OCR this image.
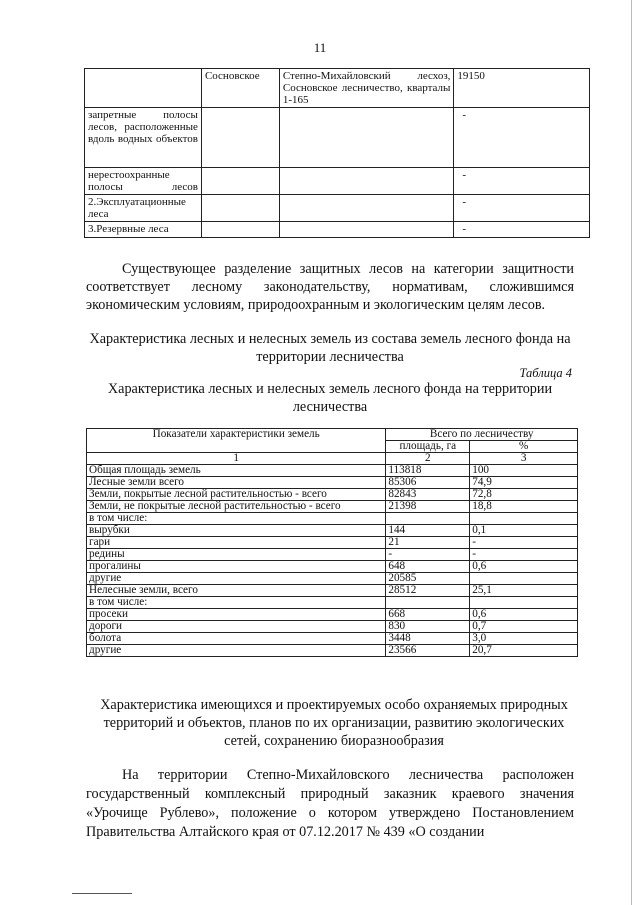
11
	Сосновское	Степно-Михайловский лесхоз, Сосновское лесничество, кварталы 1-165	19150
запретные полосы лесов, расположенные вдоль водных объектов			-
нерестоохранные полосы лесов			-
2.Эксплуатационные леса			-
3.Резервные леса			-
Существующее разделение защитных лесов на категории защитности соответствует лесному законодательству, нормативам, сложившимся экономическим условиям, природоохранным и экологическим целям лесов.
Характеристика лесных и нелесных земель из состава земель лесного фонда на территории лесничества
Таблица 4
Характеристика лесных и нелесных земель лесного фонда на территории лесничества
Показатели характеристики земель	Всего по лесничеству	
	площадь, га	%
1	2	3
Общая площадь земель	113818	100
Лесные земли всего	85306	74,9
Земли, покрытые лесной растительностью - всего	82843	72,8
Земли, не покрытые лесной растительностью - всего	21398	18,8
в том числе:		
вырубки	144	0,1
гари	21	-
редины	-	-
прогалины	648	0,6
другие	20585	
Нелесные земли, всего	28512	25,1
в том числе:		
просеки	668	0,6
дороги	830	0,7
болота	3448	3,0
другие	23566	20,7
Характеристика имеющихся и проектируемых особо охраняемых природных территорий и объектов, планов по их организации, развитию экологических сетей, сохранению биоразнообразия
На территории Степно-Михайловского лесничества расположен государственный комплексный природный заказник краевого значения «Урочище Рублево», положение о котором утверждено Постановлением Правительства Алтайского края от 07.12.2017 № 439 «О создании
